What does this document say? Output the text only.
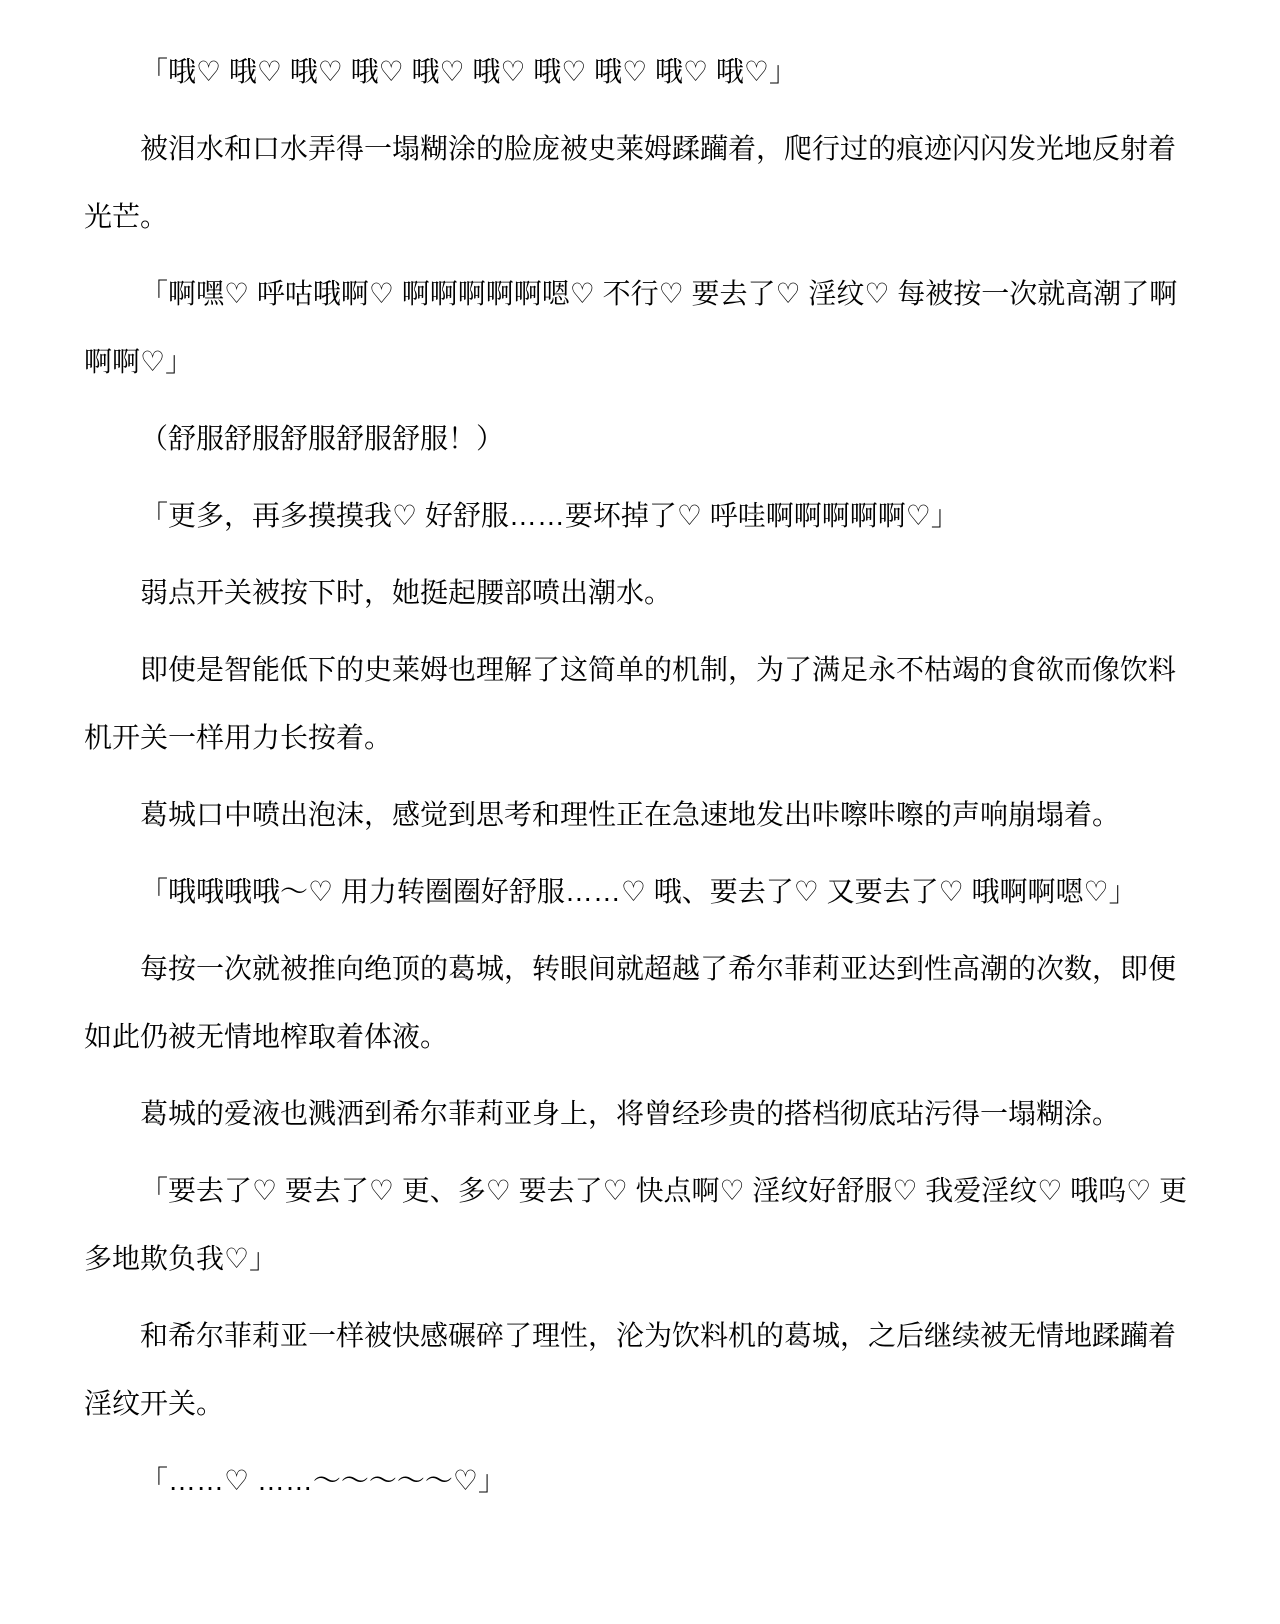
「哦♡ 哦♡ 哦♡ 哦♡ 哦♡ 哦♡ 哦♡ 哦♡ 哦♡ 哦♡」

被泪水和口水弄得一塌糊涂的脸庞被史莱姆蹂躏着，爬行过的痕迹闪闪发光地反射着光芒。

「啊嘿♡ 呼咕哦啊♡ 啊啊啊啊啊嗯♡ 不行♡ 要去了♡ 淫纹♡ 每被按一次就高潮了啊啊啊♡」

（舒服舒服舒服舒服舒服！）

「更多，再多摸摸我♡ 好舒服……要坏掉了♡ 呼哇啊啊啊啊啊♡」

弱点开关被按下时，她挺起腰部喷出潮水。

即使是智能低下的史莱姆也理解了这简单的机制，为了满足永不枯竭的食欲而像饮料机开关一样用力长按着。

葛城口中喷出泡沫，感觉到思考和理性正在急速地发出咔嚓咔嚓的声响崩塌着。

「哦哦哦哦～♡ 用力转圈圈好舒服……♡ 哦、要去了♡ 又要去了♡ 哦啊啊嗯♡」

每按一次就被推向绝顶的葛城，转眼间就超越了希尔菲莉亚达到性高潮的次数，即便如此仍被无情地榨取着体液。

葛城的爱液也溅洒到希尔菲莉亚身上，将曾经珍贵的搭档彻底玷污得一塌糊涂。

「要去了♡ 要去了♡ 更、多♡ 要去了♡ 快点啊♡ 淫纹好舒服♡ 我爱淫纹♡ 哦呜♡ 更多地欺负我♡」

和希尔菲莉亚一样被快感碾碎了理性，沦为饮料机的葛城，之后继续被无情地蹂躏着淫纹开关。

「……♡ ……～～～～～♡」
